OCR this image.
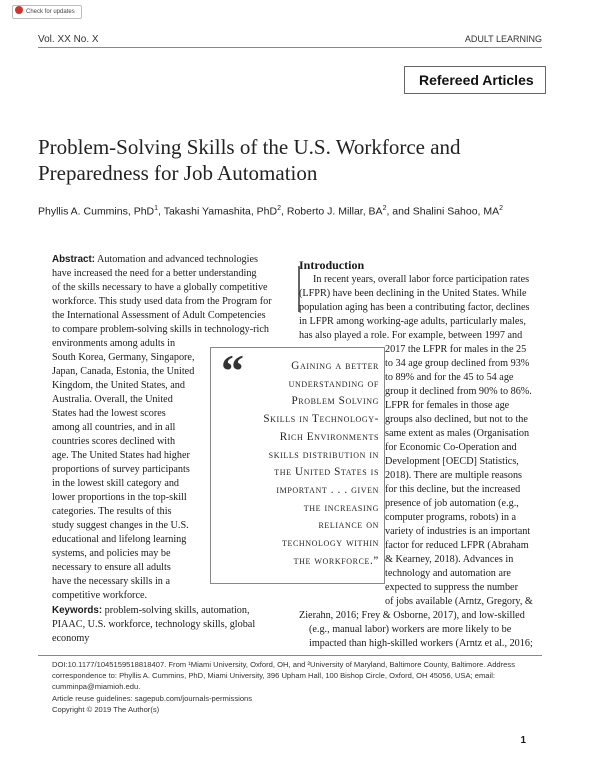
Check for updates
Vol. XX No. X	ADULT LEARNING
Refereed Articles
Problem-Solving Skills of the U.S. Workforce and
Preparedness for Job Automation
Phyllis A. Cummins, PhD$^1$, Takashi Yamashita, PhD$^2$, Roberto J. Millar, $BA^2$, and Shalini Sahoo, $MA^2$
Abstract: Automation and advanced technologies
have increased the need for a better understanding
of the skills necessary to have a globally competitive
workforce. This study used data from the Program for
the International Assessment of Adult Competencies
to compare problem-solving skills in technology-rich
environments among adults in
South Korea, Germany, Singapore,
Japan, Canada, Estonia, the United
Kingdom, the United States, and
Australia. Overall, the United
States had the lowest scores
among all countries, and in all
countries scores declined with
age. The United States had higher
proportions of survey participants
in the lowest skill category and
lower proportions in the top-skill
categories. The results of this
study suggest changes in the U.S.
educational and lifelong learning
systems, and policies may be
necessary to ensure all adults
have the necessary skills in a
competitive workforce.
Keywords: problem-solving skills, automation,
PIAAC, U.S. workforce, technology skills, global
economy
Introduction
In recent years, overall labor force participation rates
(LFPR) have been declining in the United States. While
population aging has been a contributing factor, declines
in LFPR among working-age adults, particularly males,
has also played a role. For example, between 1997 and
2017 the LFPR for males in the 25
to 34 age group declined from 93%
to 89% and for the 45 to 54 age
group it declined from 90% to 86%.
LFPR for females in those age
groups also declined, but not to the
same extent as males (Organisation
for Economic Co-Operation and
Development [OECD] Statistics,
2018). There are multiple reasons
for this decline, but the increased
presence of job automation (e.g.,
computer programs, robots) in a
variety of industries is an important
factor for reduced LFPR (Abraham
& Kearney, 2018). Advances in
technology and automation are
expected to suppress the number
of jobs available (Arntz, Gregory, &
Zierahn, 2016; Frey & Osborne, 2017), and low-skilled
(e.g., manual labor) workers are more likely to be
impacted than high-skilled workers (Arntz et al., 2016;
“	Gaining a better
understanding of
Problem Solving
Skills in Technology-
Rich Environments
skills distribution in
the United States is
important . . . given
the increasing
reliance on
technology within
the workforce.”
DOI:10.1177/1045159518818407. From ¹Miami University, Oxford, OH, and ²University of Maryland, Baltimore County, Baltimore. Address
correspondence to: Phyllis A. Cummins, PhD, Miami University, 396 Upham Hall, 100 Bishop Circle, Oxford, OH 45056, USA; email:
cumminpa@miamioh.edu.
Article reuse guidelines: sagepub.com/journals-permissions
Copyright © 2019 The Author(s)
1
